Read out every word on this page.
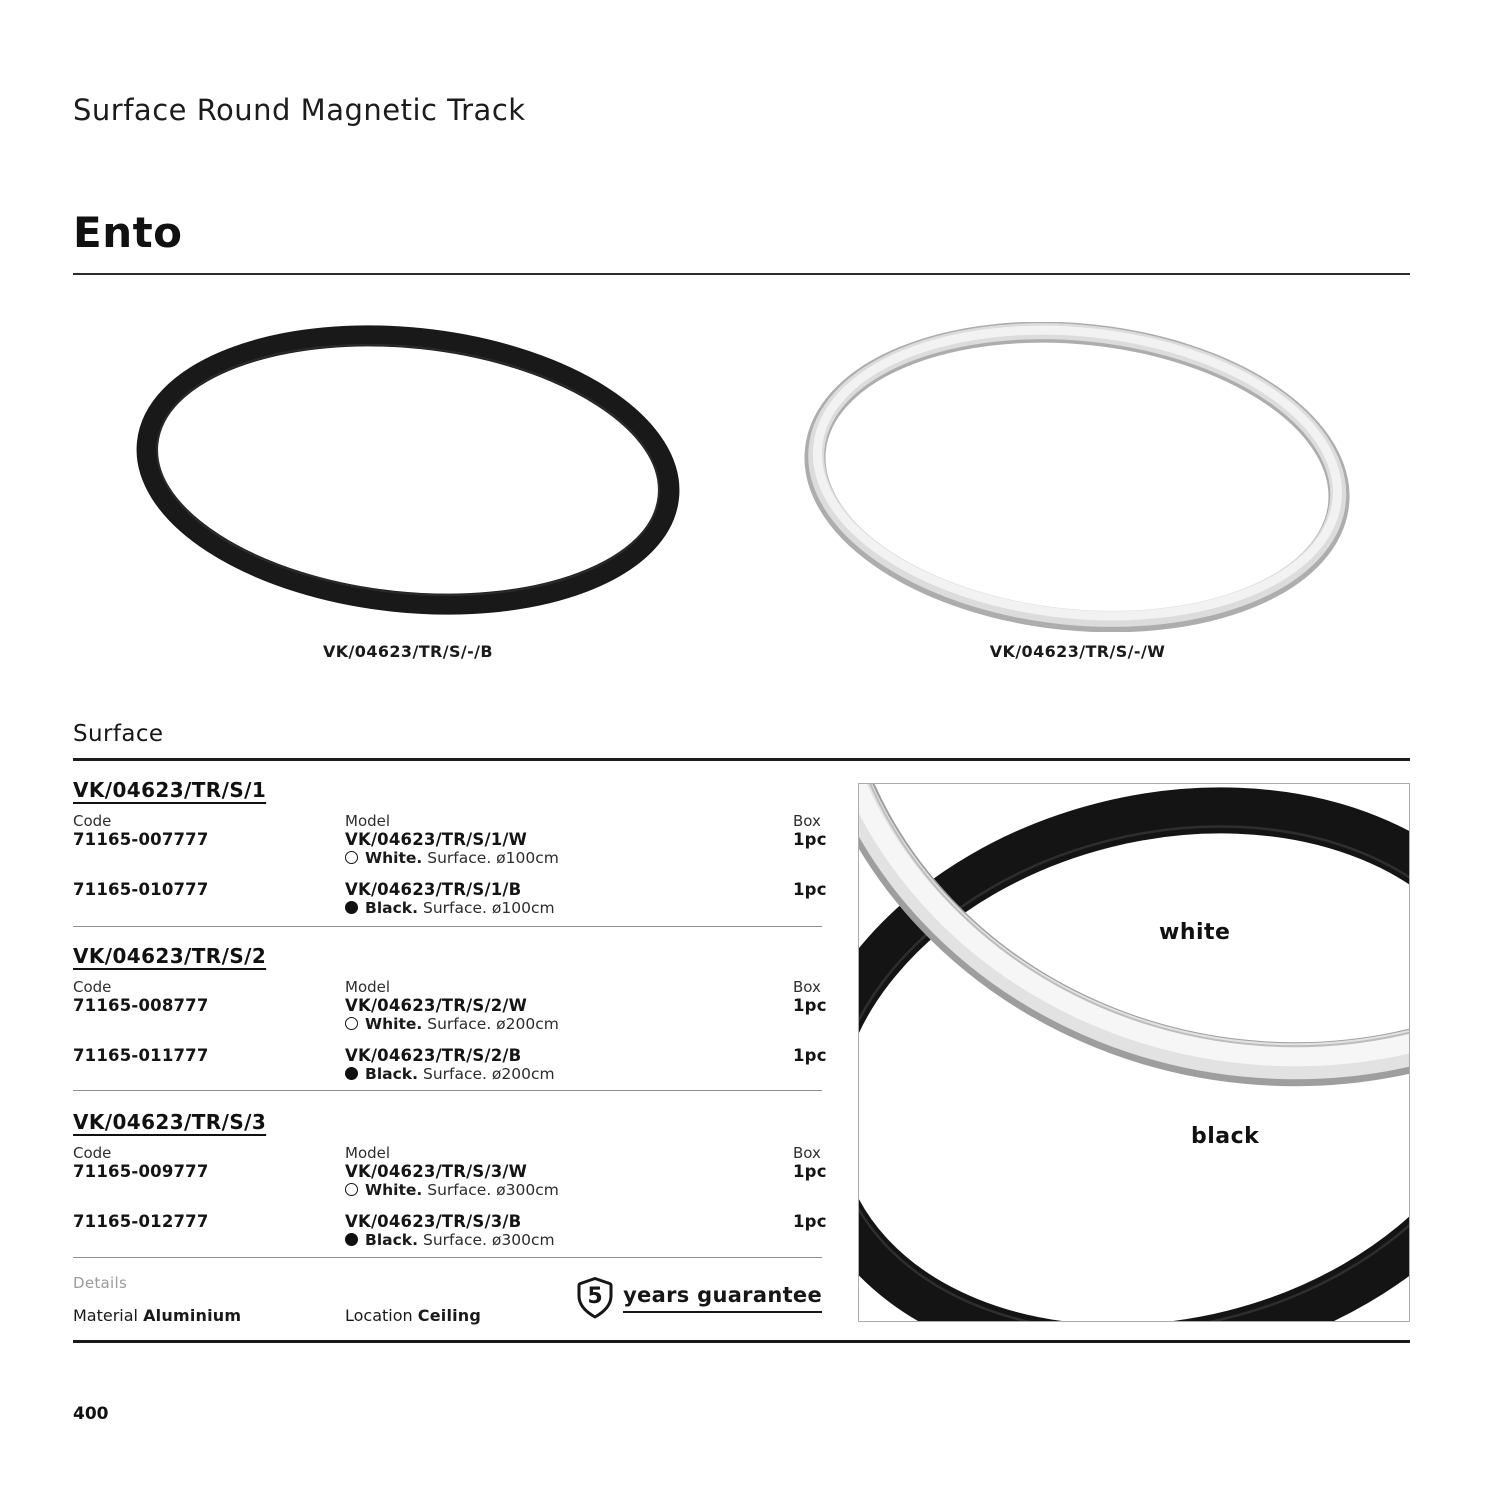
Surface Round Magnetic Track
Ento
VK/04623/TR/S/-/B	VK/04623/TR/S/-/W
Surface
VK/04623/TR/S/1
Code	Model	Box
71165-007777	VK/04623/TR/S/1/W	1pc
White. Surface. ø100cm
71165-010777	VK/04623/TR/S/1/B	1pc
Black. Surface. ø100cm
VK/04623/TR/S/2
Code	Model	Box
71165-008777	VK/04623/TR/S/2/W	1pc
White. Surface. ø200cm
71165-011777	VK/04623/TR/S/2/B	1pc
Black. Surface. ø200cm
VK/04623/TR/S/3
Code	Model	Box
71165-009777	VK/04623/TR/S/3/W	1pc
White. Surface. ø300cm
71165-012777	VK/04623/TR/S/3/B	1pc
Black. Surface. ø300cm
Details
Material Aluminium	Location Ceiling
5 years guarantee
white
black
400
